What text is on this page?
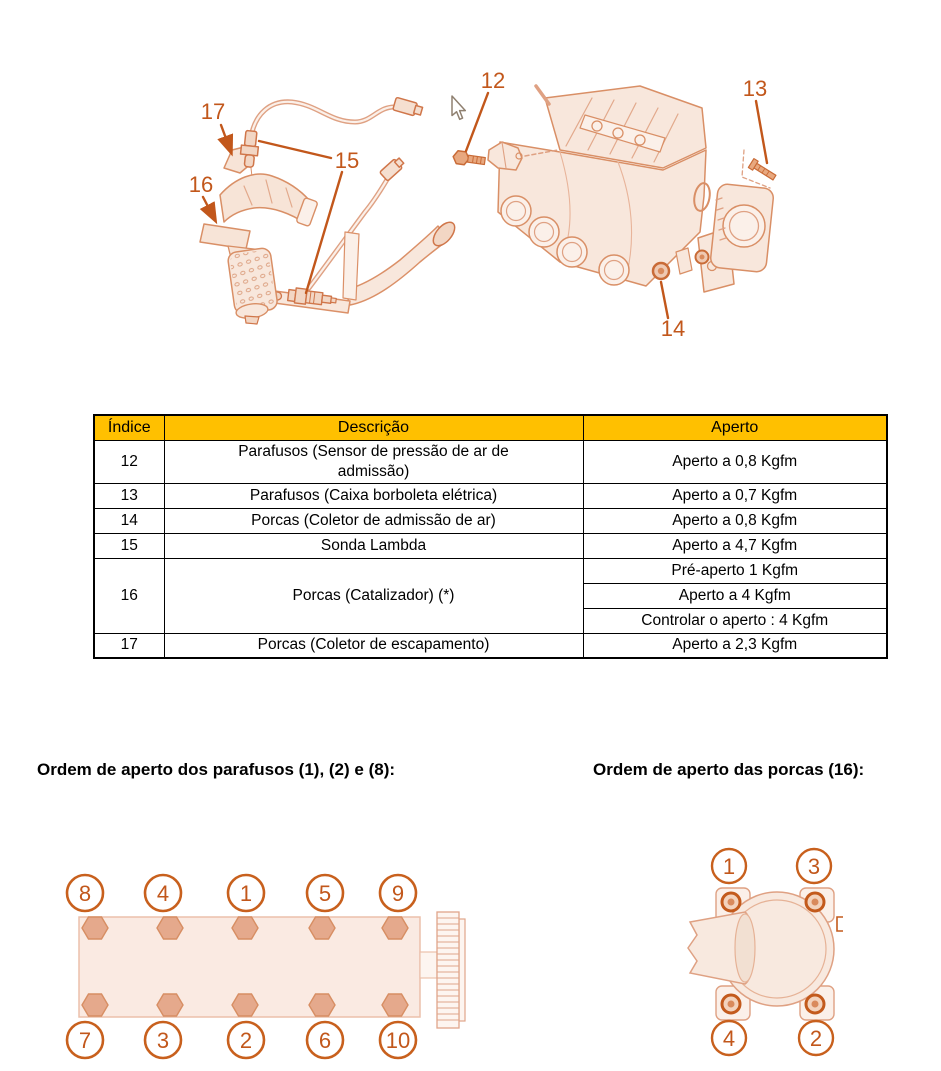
17
16
15
12	13
14
8	4	1	5	9
7	3	2	6 10
1	3
4	2
Índice	Descrição	Aperto
12	Parafusos (Sensor de pressão de ar de admissão)	Aperto a 0,8 Kgfm
13	Parafusos (Caixa borboleta elétrica)	Aperto a 0,7 Kgfm
14	Porcas (Coletor de admissão de ar)	Aperto a 0,8 Kgfm
15	Sonda Lambda	Aperto a 4,7 Kgfm
16	Porcas (Catalizador) (*)	Pré-aperto 1 Kgfm
		Aperto a 4 Kgfm
		Controlar o aperto : 4 Kgfm
17	Porcas (Coletor de escapamento)	Aperto a 2,3 Kgfm
Ordem de aperto dos parafusos (1), (2) e (8):	Ordem de aperto das porcas (16):
